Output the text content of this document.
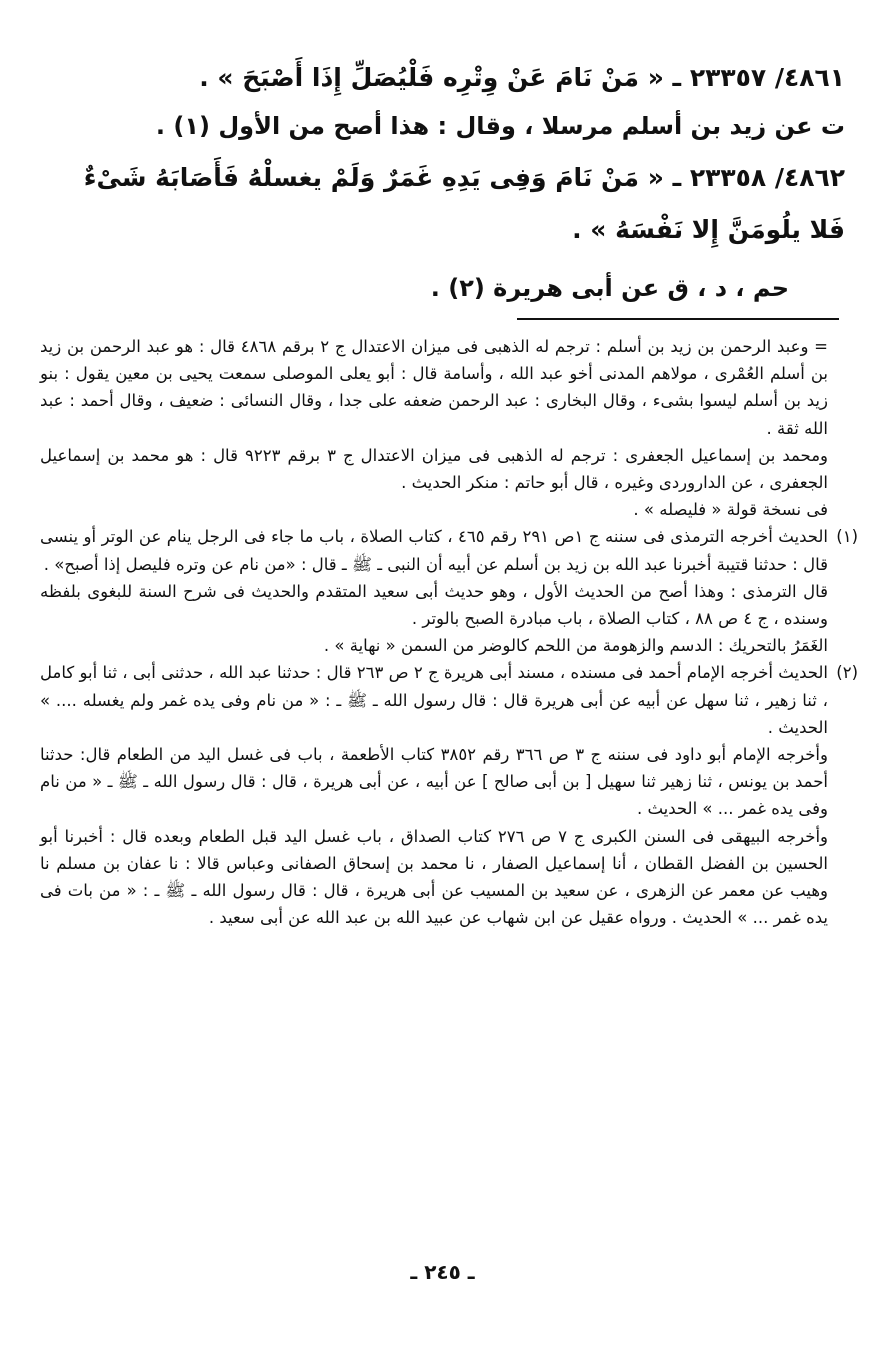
٤٨٦١/ ٢٣٣٥٧ ـ « مَنْ نَامَ عَنْ وِتْرِه فَلْيُصَلِّ إِذَا أَصْبَحَ » .

ت عن زيد بن أسلم مرسلا ، وقال : هذا أصح من الأول (١) .

٤٨٦٢/ ٢٣٣٥٨ ـ « مَنْ نَامَ وَفِى يَدِهِ غَمَرٌ وَلَمْ يغسلْهُ فَأَصَابَهُ شَىْءٌ فَلا يلُومَنَّ إِلا نَفْسَهُ » .

حم ، د ، ق عن أبى هريرة (٢) .

= وعبد الرحمن بن زيد بن أسلم : ترجم له الذهبى فى ميزان الاعتدال ج ٢ برقم ٤٨٦٨ قال : هو عبد الرحمن بن زيد بن أسلم العُمْرى ، مولاهم المدنى أخو عبد الله ، وأسامة قال : أبو يعلى الموصلى سمعت يحيى بن معين يقول : بنو زيد بن أسلم ليسوا بشىء ، وقال البخارى : عبد الرحمن ضعفه على جدا ، وقال النسائى : ضعيف ، وقال أحمد : عبد الله ثقة .

ومحمد بن إسماعيل الجعفرى : ترجم له الذهبى فى ميزان الاعتدال ج ٣ برقم ٩٢٢٣ قال : هو محمد بن إسماعيل الجعفرى ، عن الداروردى وغيره ، قال أبو حاتم : منكر الحديث .

فى نسخة قولة « فليصله » .

(١)
الحديث أخرجه الترمذى فى سننه ج ١ص ٢٩١ رقم ٤٦٥ ، كتاب الصلاة ، باب ما جاء فى الرجل ينام عن الوتر أو ينسى قال : حدثنا قتيبة أخبرنا عبد الله بن زيد بن أسلم عن أبيه أن النبى ـ ﷺ ـ قال : «من نام عن وتره فليصل إذا أصبح» .

قال الترمذى : وهذا أصح من الحديث الأول ، وهو حديث أبى سعيد المتقدم والحديث فى شرح السنة للبغوى بلفظه وسنده ، ج ٤ ص ٨٨ ، كتاب الصلاة ، باب مبادرة الصبح بالوتر .

الغَمَرُ بالتحريك : الدسم والزهومة من اللحم كالوضر من السمن « نهاية » .

(٢)
الحديث أخرجه الإمام أحمد فى مسنده ، مسند أبى هريرة ج ٢ ص ٢٦٣ قال : حدثنا عبد الله ، حدثنى أبى ، ثنا أبو كامل ، ثنا زهير ، ثنا سهل عن أبيه عن أبى هريرة قال : قال رسول الله ـ ﷺ ـ : « من نام وفى يده غمر ولم يغسله .... » الحديث .

وأخرجه الإمام أبو داود فى سننه ج ٣ ص ٣٦٦ رقم ٣٨٥٢ كتاب الأطعمة ، باب فى غسل اليد من الطعام قال: حدثنا أحمد بن يونس ، ثنا زهير ثنا سهيل [ بن أبى صالح ] عن أبيه ، عن أبى هريرة ، قال : قال رسول الله ـ ﷺ ـ « من نام وفى يده غمر ... » الحديث .

وأخرجه البيهقى فى السنن الكبرى ج ٧ ص ٢٧٦ كتاب الصداق ، باب غسل اليد قبل الطعام وبعده قال : أخبرنا أبو الحسين بن الفضل القطان ، أنا إسماعيل الصفار ، نا محمد بن إسحاق الصفانى وعباس قالا : نا عفان بن مسلم نا وهيب عن معمر عن الزهرى ، عن سعيد بن المسيب عن أبى هريرة ، قال : قال رسول الله ـ ﷺ ـ : « من بات فى يده غمر ... » الحديث . ورواه عقيل عن ابن شهاب عن عبيد الله بن عبد الله عن أبى سعيد .

ـ ٢٤٥ ـ
